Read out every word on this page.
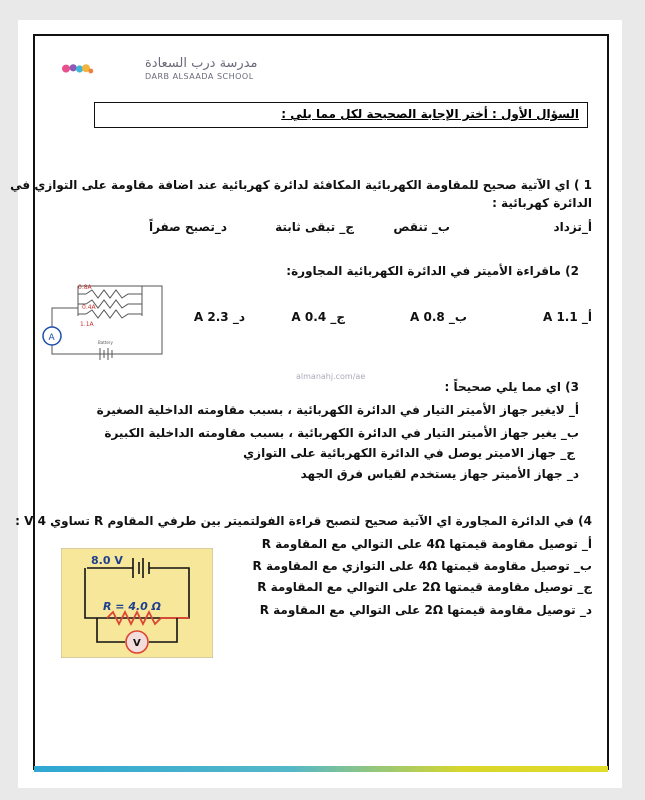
مدرسة درب السعادة
DARB ALSAADA SCHOOL
السؤال الأول : أختر الإجابة الصحيحة لكل مما يلي :
1 ) اي الآتية صحيح للمقاومة الكهربائية المكافئة لدائرة كهربائية عند اضافة مقاومة على التوازي في
الدائرة كهربائية :
أ_تزداد
ب_ تنقص
ج_ تبقى ثابتة
د_تصبح صفراً
2) ماقراءة الأميتر في الدائرة الكهربائية المجاورة:
أ_ 1.1 A
ب_ 0.8 A
ج_ 0.4 A
د_ 2.3 A
0.8A
0.4A
1.1A
A	Battery
almanahj.com/ae
3) اي مما يلي صحيحاً :
أ_ لايغير جهاز الأميتر التيار في الدائرة الكهربائية ، بسبب مقاومته الداخلية الصغيرة
ب_ يغير جهاز الأميتر التيار في الدائرة الكهربائية ، بسبب مقاومته الداخلية الكبيرة
ج_ جهاز الاميتر يوصل في الدائرة الكهربائية على التوازي
د_ جهاز الأميتر جهاز يستخدم لقياس فرق الجهد
4) في الدائرة المجاورة اي الآتية صحيح لتصبح قراءة الفولتميتر بين طرفي المقاوم R تساوي 4 V :
أ_ توصيل مقاومة قيمتها 4Ω على التوالي مع المقاومة R
ب_ توصيل مقاومة قيمتها 4Ω على التوازي مع المقاومة R
ج_ توصيل مقاومة قيمتها 2Ω على التوالي مع المقاومة R
د_ توصيل مقاومة قيمتها 2Ω على التوالي مع المقاومة R
8.0 V
R = 4.0 Ω
V
